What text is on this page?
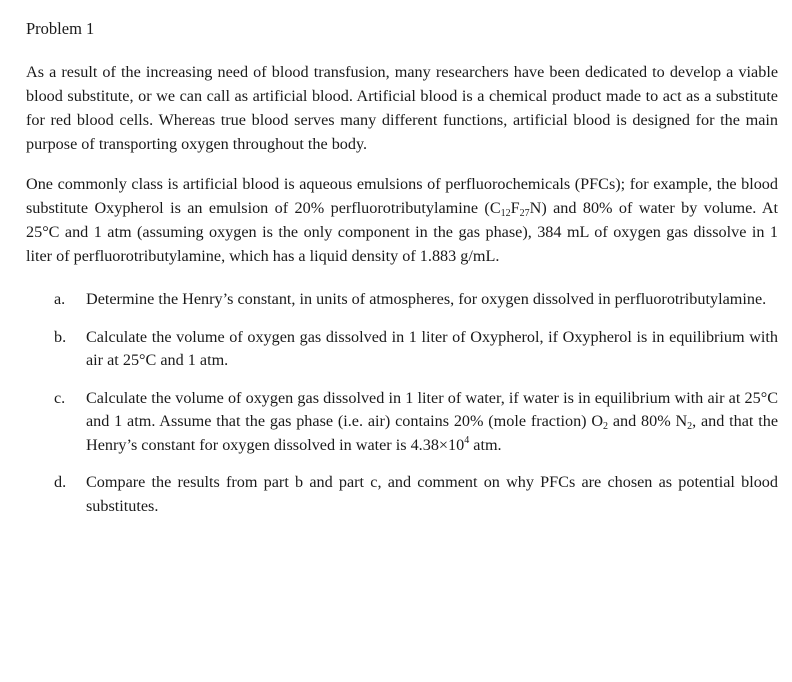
Problem 1

As a result of the increasing need of blood transfusion, many researchers have been dedicated to develop a viable blood substitute, or we can call as artificial blood. Artificial blood is a chemical product made to act as a substitute for red blood cells. Whereas true blood serves many different functions, artificial blood is designed for the main purpose of transporting oxygen throughout the body.

One commonly class is artificial blood is aqueous emulsions of perfluorochemicals (PFCs); for example, the blood substitute Oxypherol is an emulsion of 20% perfluorotributylamine $(C_{12}F_{27}N)$ and 80% of water by volume. At 25°C and 1 atm (assuming oxygen is the only component in the gas phase), 384 mL of oxygen gas dissolve in 1 liter of perfluorotributylamine, which has a liquid density of 1.883 g/mL.

a. Determine the Henry’s constant, in units of atmospheres, for oxygen dissolved in perfluorotributylamine.
b. Calculate the volume of oxygen gas dissolved in 1 liter of Oxypherol, if Oxypherol is in equilibrium with air at 25°C and 1 atm.
c. Calculate the volume of oxygen gas dissolved in 1 liter of water, if water is in equilibrium with air at 25°C and 1 atm. Assume that the gas phase (i.e. air) contains 20% (mole fraction) $O_2$ and 80% $N_2$, and that the Henry’s constant for oxygen dissolved in water is $4.38\times 10^4$ atm.
d. Compare the results from part b and part c, and comment on why PFCs are chosen as potential blood substitutes.
